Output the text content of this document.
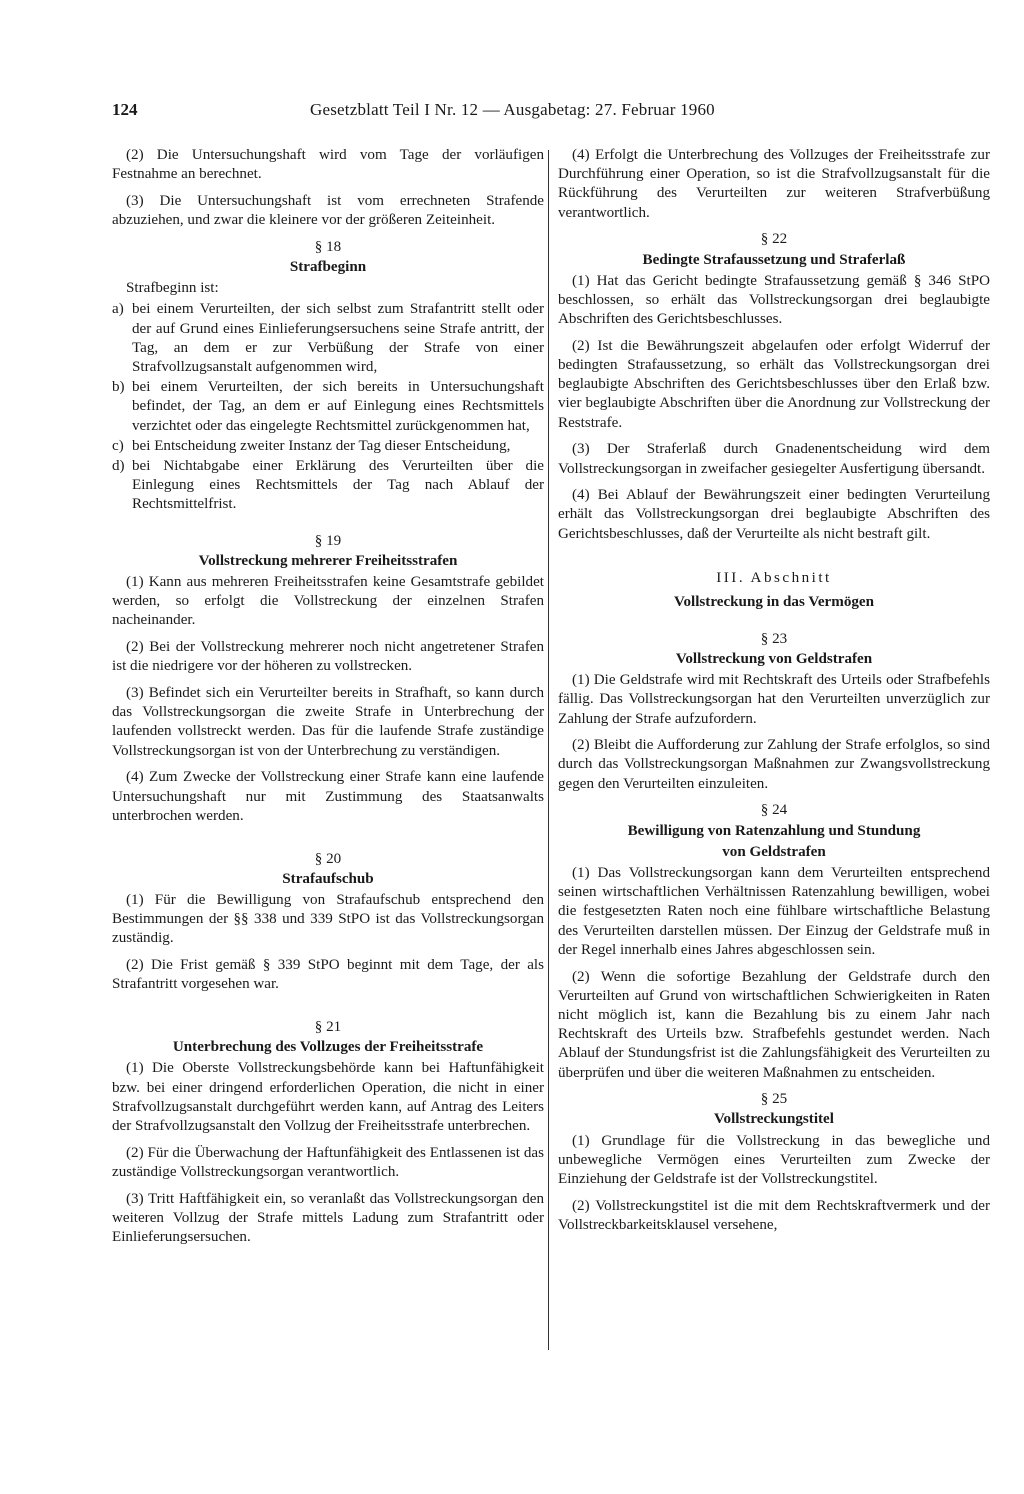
124	Gesetzblatt Teil I Nr. 12 — Ausgabetag: 27. Februar 1960

(2) Die Untersuchungshaft wird vom Tage der vorläufigen Festnahme an berechnet.

(3) Die Untersuchungshaft ist vom errechneten Strafende abzuziehen, und zwar die kleinere vor der größeren Zeiteinheit.

§ 18
Strafbeginn
Strafbeginn ist:
a) bei einem Verurteilten, der sich selbst zum Strafantritt stellt oder der auf Grund eines Einlieferungsersuchens seine Strafe antritt, der Tag, an dem er zur Verbüßung der Strafe von einer Strafvollzugsanstalt aufgenommen wird,
b) bei einem Verurteilten, der sich bereits in Untersuchungshaft befindet, der Tag, an dem er auf Einlegung eines Rechtsmittels verzichtet oder das eingelegte Rechtsmittel zurückgenommen hat,
c) bei Entscheidung zweiter Instanz der Tag dieser Entscheidung,
d) bei Nichtabgabe einer Erklärung des Verurteilten über die Einlegung eines Rechtsmittels der Tag nach Ablauf der Rechtsmittelfrist.
§ 19
Vollstreckung mehrerer Freiheitsstrafen

(1) Kann aus mehreren Freiheitsstrafen keine Gesamtstrafe gebildet werden, so erfolgt die Vollstreckung der einzelnen Strafen nacheinander.

(2) Bei der Vollstreckung mehrerer noch nicht angetretener Strafen ist die niedrigere vor der höheren zu vollstrecken.

(3) Befindet sich ein Verurteilter bereits in Strafhaft, so kann durch das Vollstreckungsorgan die zweite Strafe in Unterbrechung der laufenden vollstreckt werden. Das für die laufende Strafe zuständige Vollstreckungsorgan ist von der Unterbrechung zu verständigen.

(4) Zum Zwecke der Vollstreckung einer Strafe kann eine laufende Untersuchungshaft nur mit Zustimmung des Staatsanwalts unterbrochen werden.

§ 20
Strafaufschub

(1) Für die Bewilligung von Strafaufschub entsprechend den Bestimmungen der §§ 338 und 339 StPO ist das Vollstreckungsorgan zuständig.

(2) Die Frist gemäß § 339 StPO beginnt mit dem Tage, der als Strafantritt vorgesehen war.

§ 21
Unterbrechung des Vollzuges der Freiheitsstrafe

(1) Die Oberste Vollstreckungsbehörde kann bei Haftunfähigkeit bzw. bei einer dringend erforderlichen Operation, die nicht in einer Strafvollzugsanstalt durchgeführt werden kann, auf Antrag des Leiters der Strafvollzugsanstalt den Vollzug der Freiheitsstrafe unterbrechen.

(2) Für die Überwachung der Haftunfähigkeit des Entlassenen ist das zuständige Vollstreckungsorgan verantwortlich.

(3) Tritt Haftfähigkeit ein, so veranlaßt das Vollstreckungsorgan den weiteren Vollzug der Strafe mittels Ladung zum Strafantritt oder Einlieferungsersuchen.

(4) Erfolgt die Unterbrechung des Vollzuges der Freiheitsstrafe zur Durchführung einer Operation, so ist die Strafvollzugsanstalt für die Rückführung des Verurteilten zur weiteren Strafverbüßung verantwortlich.

§ 22
Bedingte Strafaussetzung und Straferlaß

(1) Hat das Gericht bedingte Strafaussetzung gemäß § 346 StPO beschlossen, so erhält das Vollstreckungsorgan drei beglaubigte Abschriften des Gerichtsbeschlusses.

(2) Ist die Bewährungszeit abgelaufen oder erfolgt Widerruf der bedingten Strafaussetzung, so erhält das Vollstreckungsorgan drei beglaubigte Abschriften des Gerichtsbeschlusses über den Erlaß bzw. vier beglaubigte Abschriften über die Anordnung zur Vollstreckung der Reststrafe.

(3) Der Straferlaß durch Gnadenentscheidung wird dem Vollstreckungsorgan in zweifacher gesiegelter Ausfertigung übersandt.

(4) Bei Ablauf der Bewährungszeit einer bedingten Verurteilung erhält das Vollstreckungsorgan drei beglaubigte Abschriften des Gerichtsbeschlusses, daß der Verurteilte als nicht bestraft gilt.

III. Abschnitt
Vollstreckung in das Vermögen
§ 23
Vollstreckung von Geldstrafen

(1) Die Geldstrafe wird mit Rechtskraft des Urteils oder Strafbefehls fällig. Das Vollstreckungsorgan hat den Verurteilten unverzüglich zur Zahlung der Strafe aufzufordern.

(2) Bleibt die Aufforderung zur Zahlung der Strafe erfolglos, so sind durch das Vollstreckungsorgan Maßnahmen zur Zwangsvollstreckung gegen den Verurteilten einzuleiten.

§ 24
Bewilligung von Ratenzahlung und Stundung
von Geldstrafen

(1) Das Vollstreckungsorgan kann dem Verurteilten entsprechend seinen wirtschaftlichen Verhältnissen Ratenzahlung bewilligen, wobei die festgesetzten Raten noch eine fühlbare wirtschaftliche Belastung des Verurteilten darstellen müssen. Der Einzug der Geldstrafe muß in der Regel innerhalb eines Jahres abgeschlossen sein.

(2) Wenn die sofortige Bezahlung der Geldstrafe durch den Verurteilten auf Grund von wirtschaftlichen Schwierigkeiten in Raten nicht möglich ist, kann die Bezahlung bis zu einem Jahr nach Rechtskraft des Urteils bzw. Strafbefehls gestundet werden. Nach Ablauf der Stundungsfrist ist die Zahlungsfähigkeit des Verurteilten zu überprüfen und über die weiteren Maßnahmen zu entscheiden.

§ 25
Vollstreckungstitel

(1) Grundlage für die Vollstreckung in das bewegliche und unbewegliche Vermögen eines Verurteilten zum Zwecke der Einziehung der Geldstrafe ist der Vollstreckungstitel.

(2) Vollstreckungstitel ist die mit dem Rechtskraftvermerk und der Vollstreckbarkeitsklausel versehene,
